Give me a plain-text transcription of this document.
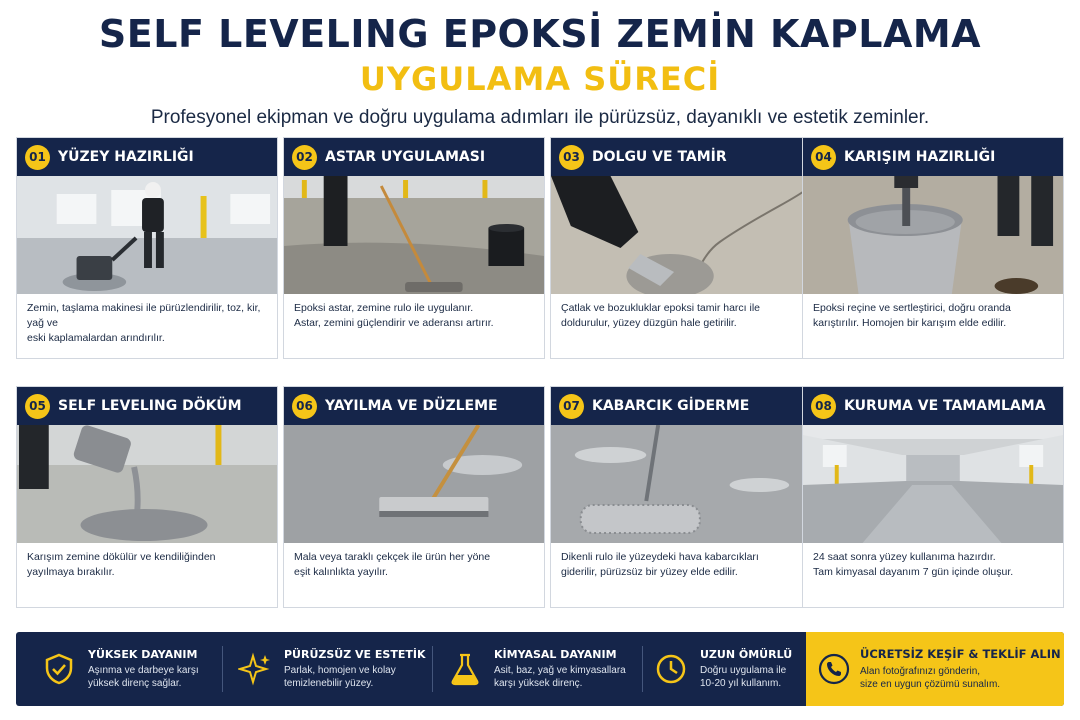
SELF LEVELING EPOKSİ ZEMİN KAPLAMA
UYGULAMA SÜRECİ
Profesyonel ekipman ve doğru uygulama adımları ile pürüzsüz, dayanıklı ve estetik zeminler.
01 YÜZEY HAZIRLIĞI
Zemin, taşlama makinesi ile pürüzlendirilir, toz, kir, yağ ve
eski kaplamalardan arındırılır.
02 ASTAR UYGULAMASI
Epoksi astar, zemine rulo ile uygulanır.
Astar, zemini güçlendirir ve aderansı artırır.
03 DOLGU VE TAMİR
Çatlak ve bozukluklar epoksi tamir harcı ile
doldurulur, yüzey düzgün hale getirilir.
04 KARIŞIM HAZIRLIĞI
Epoksi reçine ve sertleştirici, doğru oranda
karıştırılır. Homojen bir karışım elde edilir.
05 SELF LEVELING DÖKÜM
Karışım zemine dökülür ve kendiliğinden
yayılmaya bırakılır.
06 YAYILMA VE DÜZLEME
Mala veya taraklı çekçek ile ürün her yöne
eşit kalınlıkta yayılır.
07 KABARCIK GİDERME
Dikenli rulo ile yüzeydeki hava kabarcıkları
giderilir, pürüzsüz bir yüzey elde edilir.
08 KURUMA VE TAMAMLAMA
24 saat sonra yüzey kullanıma hazırdır.
Tam kimyasal dayanım 7 gün içinde oluşur.
YÜKSEK DAYANIM
Aşınma ve darbeye karşı
yüksek direnç sağlar.
PÜRÜZSÜZ VE ESTETİK
Parlak, homojen ve kolay
temizlenebilir yüzey.
KİMYASAL DAYANIM
Asit, baz, yağ ve kimyasallara
karşı yüksek direnç.
UZUN ÖMÜRLÜ
Doğru uygulama ile
10-20 yıl kullanım.
ÜCRETSİZ KEŞİF & TEKLİF ALIN
Alan fotoğrafınızı gönderin,
size en uygun çözümü sunalım.
